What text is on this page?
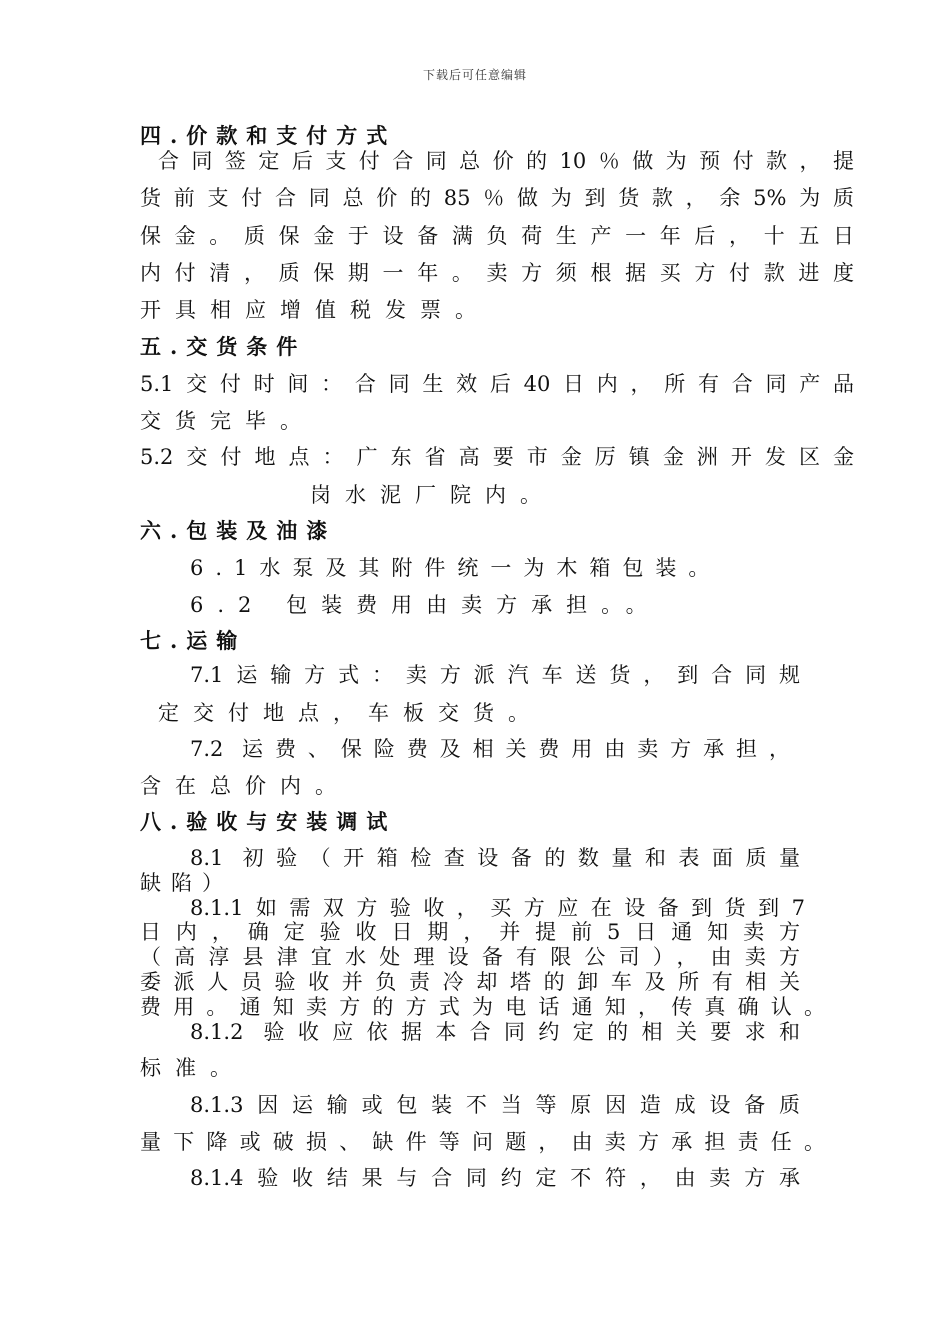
下载后可任意编辑
四.价款和支付方式
合同签定后支付合同总价的10％做为预付款，提
货前支付合同总价的85％做为到货款，余5%为质
保金。质保金于设备满负荷生产一年后，十五日
内付清，质保期一年。卖方须根据买方付款进度
开具相应增值税发票。
五.交货条件
5.1交付时间：合同生效后40日内，所有合同产品
交货完毕。
5.2交付地点：广东省高要市金厉镇金洲开发区金
岗水泥厂院内。
六.包装及油漆
6.1水泵及其附件统一为木箱包装。
6.2 包装费用由卖方承担。。
七.运输
7.1运输方式：卖方派汽车送货，到合同规
定交付地点，车板交货。
7.2 运费、保险费及相关费用由卖方承担，
含在总价内。
八.验收与安装调试
8.1 初验（开箱检查设备的数量和表面质量
缺陷）
8.1.1如需双方验收，买方应在设备到货到7
日内，确定验收日期，并提前5日通知卖方
（高淳县津宜水处理设备有限公司），由卖方
委派人员验收并负责冷却塔的卸车及所有相关
费用。通知卖方的方式为电话通知，传真确认。
8.1.2 验收应依据本合同约定的相关要求和
标准。
8.1.3因运输或包装不当等原因造成设备质
量下降或破损、缺件等问题，由卖方承担责任。
8.1.4验收结果与合同约定不符，由卖方承
